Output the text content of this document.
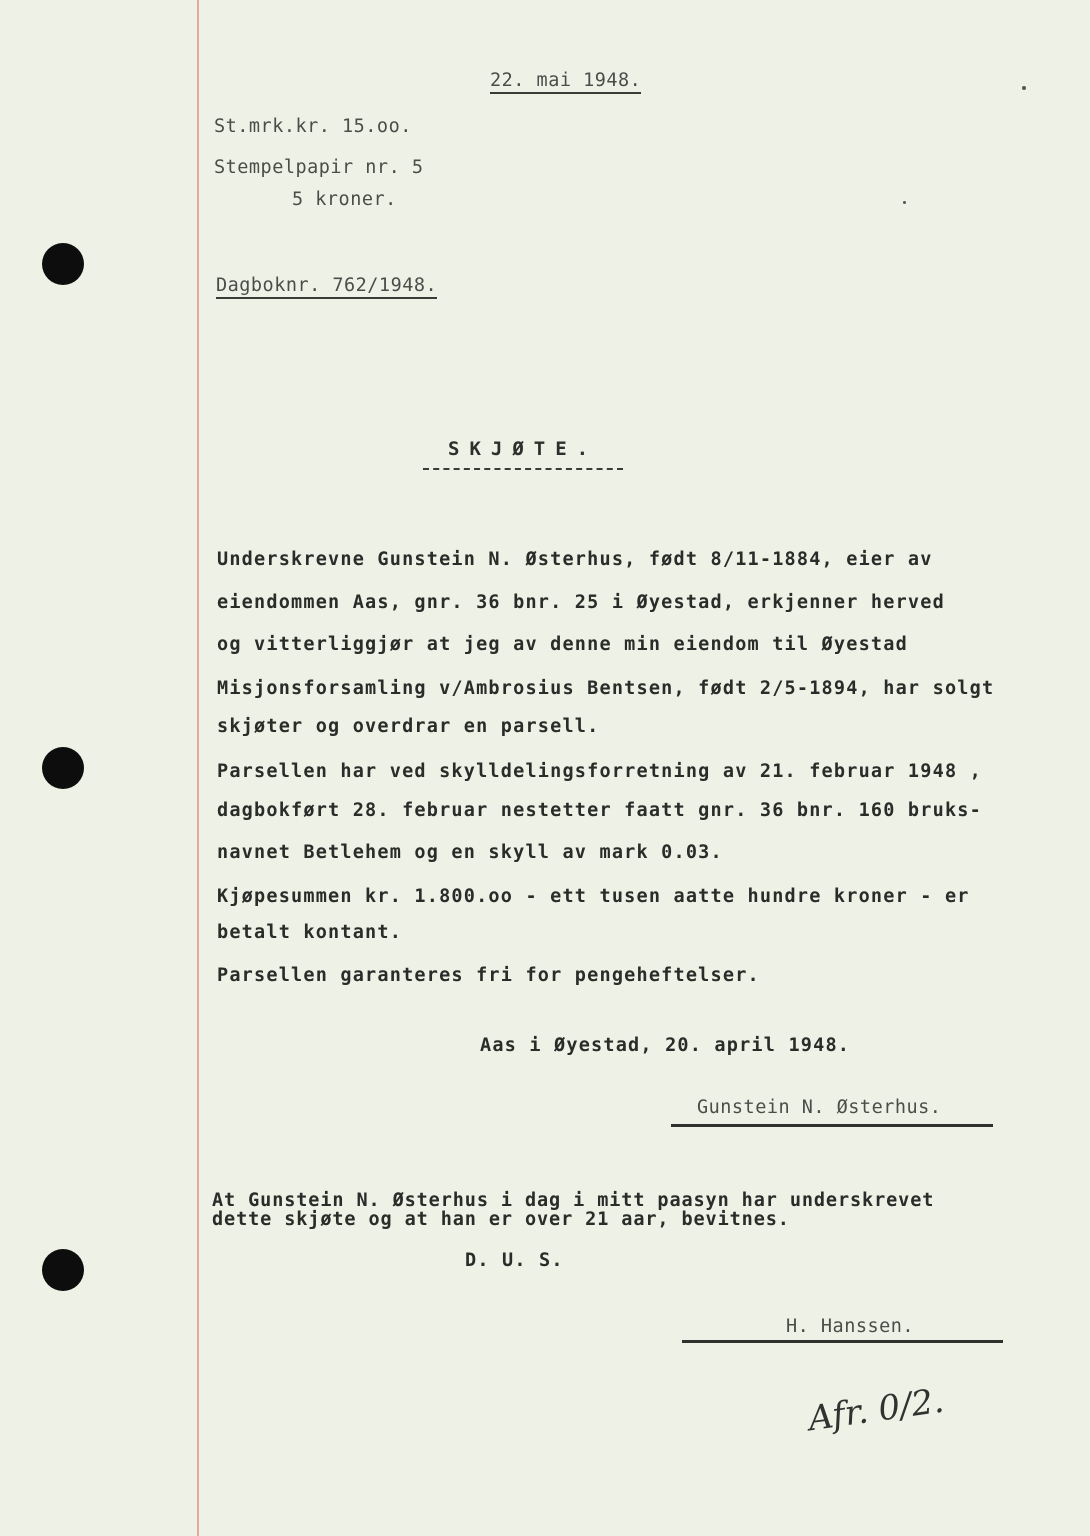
22. mai 1948.
St.mrk.kr. 15.oo.
Stempelpapir nr. 5
5 kroner.
Dagboknr. 762/1948.
SKJØTE.
Underskrevne Gunstein N. Østerhus, født 8/11-1884, eier av
eiendommen Aas, gnr. 36 bnr. 25 i Øyestad, erkjenner herved
og vitterliggjør at jeg av denne min eiendom til Øyestad
Misjonsforsamling v/Ambrosius Bentsen, født 2/5-1894, har solgt
skjøter og overdrar en parsell.
Parsellen har ved skylldelingsforretning av 21. februar 1948 ,
dagbokført 28. februar nestetter faatt gnr. 36 bnr. 160 bruks-
navnet Betlehem og en skyll av mark 0.03.
Kjøpesummen kr. 1.800.oo - ett tusen aatte hundre kroner - er
betalt kontant.
Parsellen garanteres fri for pengeheftelser.
Aas i Øyestad, 20. april 1948.
Gunstein N. Østerhus.
At Gunstein N. Østerhus i dag i mitt paasyn har underskrevet
dette skjøte og at han er over 21 aar, bevitnes.
D. U. S.
H. Hanssen.
Afr. 0/2.
